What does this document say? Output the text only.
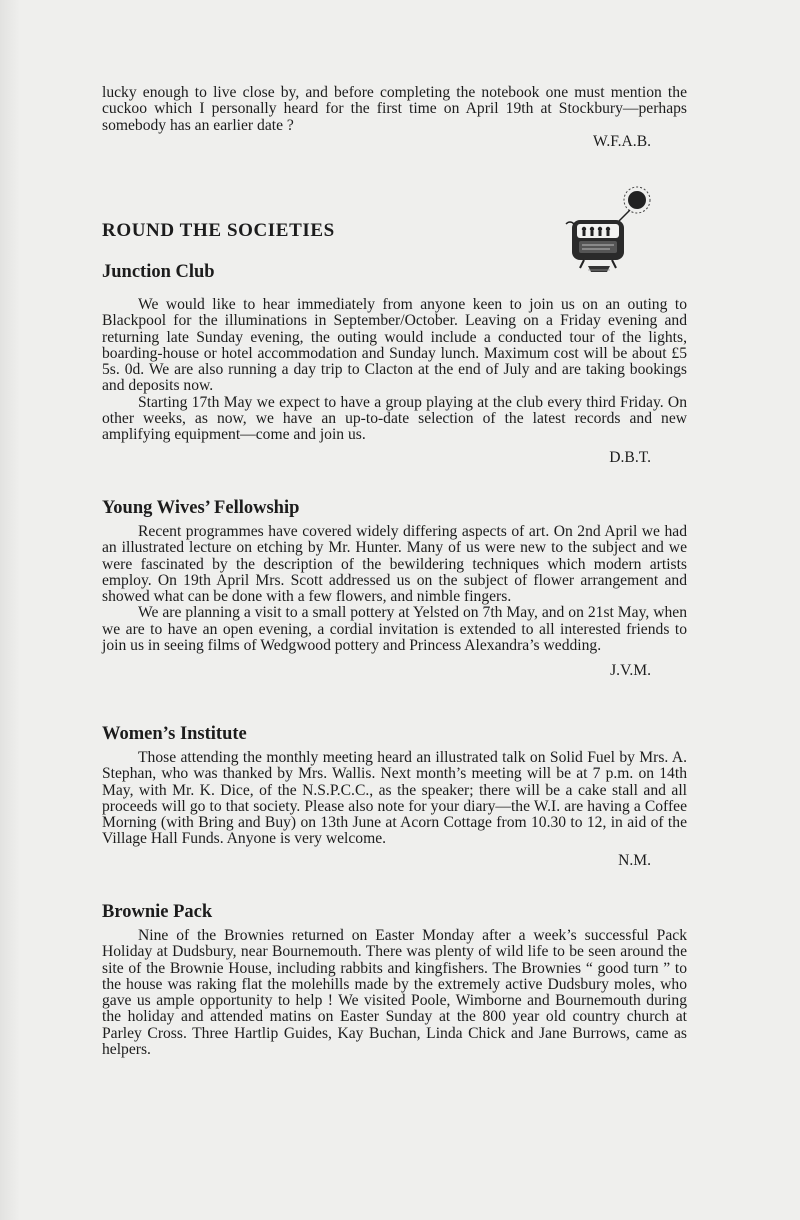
lucky enough to live close by, and before completing the notebook one must mention the cuckoo which I personally heard for the first time on April 19th at Stockbury—perhaps somebody has an earlier date ?

W.F.A.B.
ROUND THE SOCIETIES
Junction Club

We would like to hear immediately from anyone keen to join us on an outing to Blackpool for the illuminations in September/October. Leaving on a Friday evening and returning late Sunday evening, the outing would include a conducted tour of the lights, boarding-house or hotel accommodation and Sunday lunch. Maximum cost will be about £5 5s. 0d. We are also running a day trip to Clacton at the end of July and are taking bookings and deposits now.

Starting 17th May we expect to have a group playing at the club every third Friday. On other weeks, as now, we have an up-to-date selection of the latest records and new amplifying equipment—come and join us.

D.B.T.
Young Wives’ Fellowship

Recent programmes have covered widely differing aspects of art. On 2nd April we had an illustrated lecture on etching by Mr. Hunter. Many of us were new to the subject and we were fascinated by the description of the bewildering techniques which modern artists employ. On 19th April Mrs. Scott addressed us on the subject of flower arrangement and showed what can be done with a few flowers, and nimble fingers.

We are planning a visit to a small pottery at Yelsted on 7th May, and on 21st May, when we are to have an open evening, a cordial invitation is extended to all interested friends to join us in seeing films of Wedgwood pottery and Princess Alexandra’s wedding.

J.V.M.
Women’s Institute

Those attending the monthly meeting heard an illustrated talk on Solid Fuel by Mrs. A. Stephan, who was thanked by Mrs. Wallis. Next month’s meeting will be at 7 p.m. on 14th May, with Mr. K. Dice, of the N.S.P.C.C., as the speaker; there will be a cake stall and all proceeds will go to that society. Please also note for your diary—the W.I. are having a Coffee Morning (with Bring and Buy) on 13th June at Acorn Cottage from 10.30 to 12, in aid of the Village Hall Funds. Anyone is very welcome.

N.M.
Brownie Pack

Nine of the Brownies returned on Easter Monday after a week’s successful Pack Holiday at Dudsbury, near Bournemouth. There was plenty of wild life to be seen around the site of the Brownie House, including rabbits and kingfishers. The Brownies “ good turn ” to the house was raking flat the molehills made by the extremely active Dudsbury moles, who gave us ample opportunity to help ! We visited Poole, Wimborne and Bournemouth during the holiday and attended matins on Easter Sunday at the 800 year old country church at Parley Cross. Three Hartlip Guides, Kay Buchan, Linda Chick and Jane Burrows, came as helpers.
